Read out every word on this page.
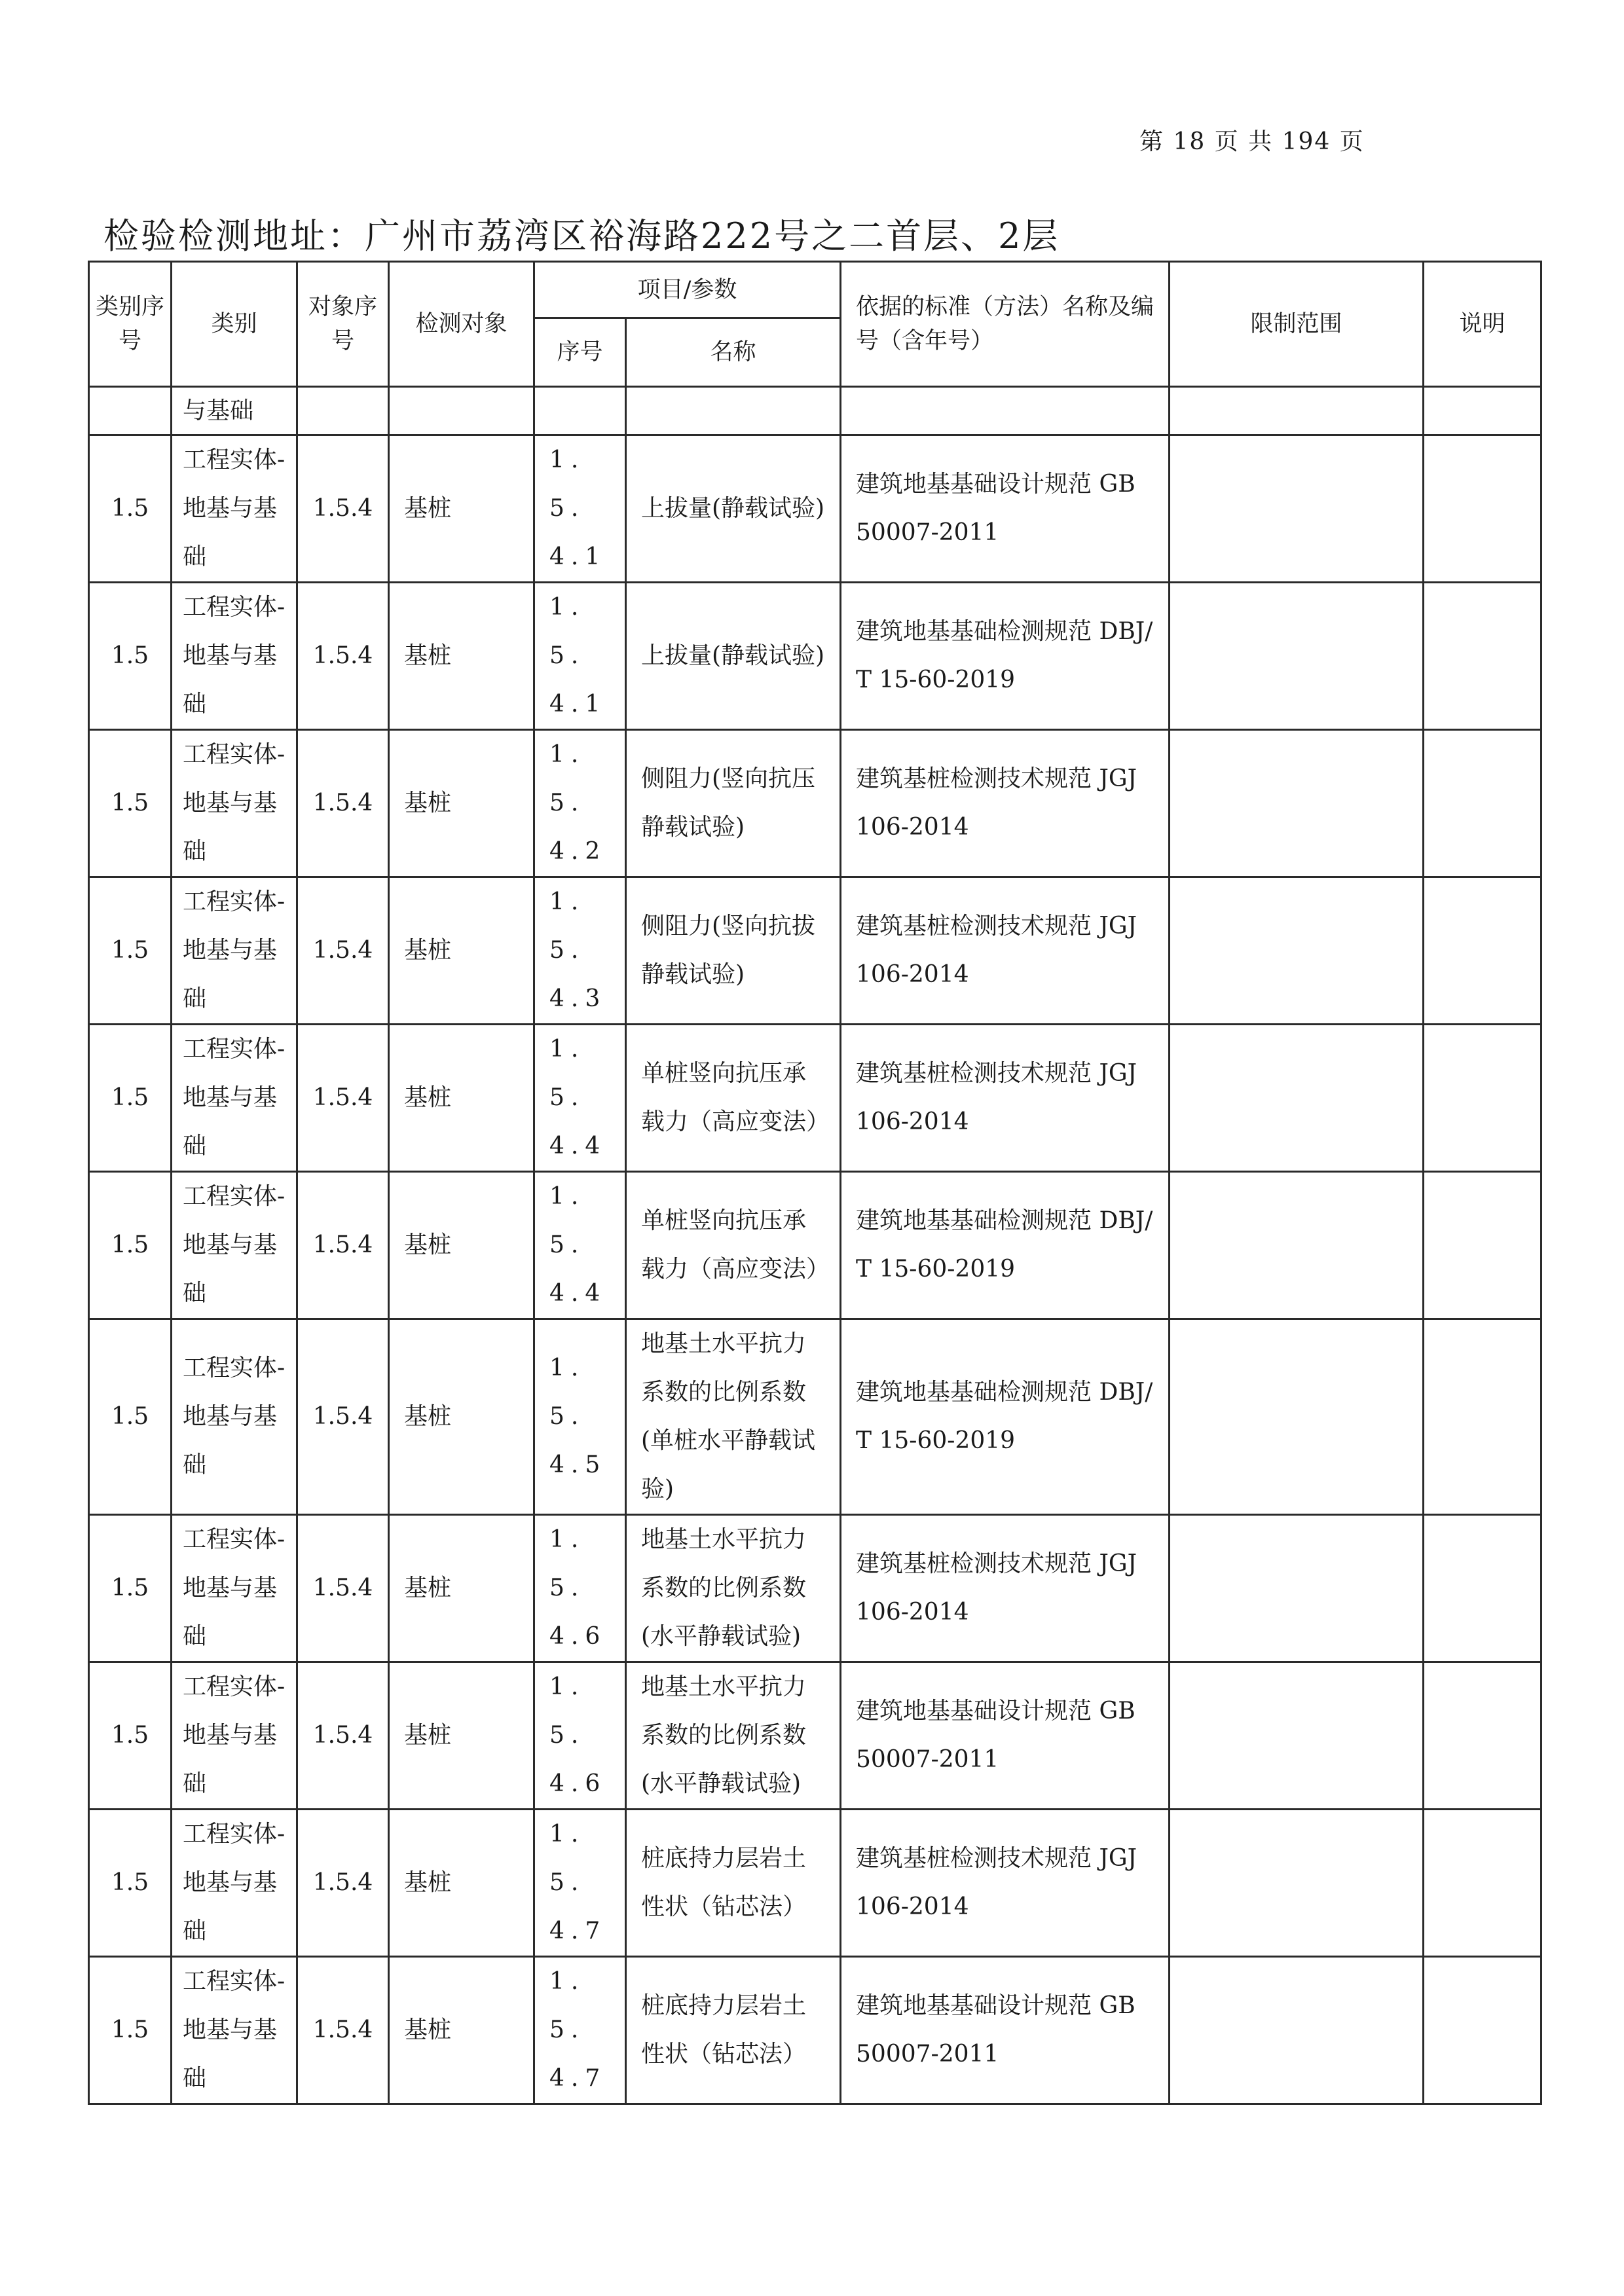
第 18 页 共 194 页
检验检测地址：广州市荔湾区裕海路222号之二首层、2层
类别序号	类别	对象序号	检测对象	项目/参数		依据的标准（方法）名称及编号（含年号）	限制范围	说明
				序号	名称			
	与基础							
1.5	工程实体-地基与基础	1.5.4	基桩	1.5.4.1	上拔量(静载试验)	建筑地基基础设计规范 GB 50007-2011		
1.5	工程实体-地基与基础	1.5.4	基桩	1.5.4.1	上拔量(静载试验)	建筑地基基础检测规范 DBJ/T 15-60-2019		
1.5	工程实体-地基与基础	1.5.4	基桩	1.5.4.2	侧阻力(竖向抗压静载试验)	建筑基桩检测技术规范 JGJ 106-2014		
1.5	工程实体-地基与基础	1.5.4	基桩	1.5.4.3	侧阻力(竖向抗拔静载试验)	建筑基桩检测技术规范 JGJ 106-2014		
1.5	工程实体-地基与基础	1.5.4	基桩	1.5.4.4	单桩竖向抗压承载力（高应变法）	建筑基桩检测技术规范 JGJ 106-2014		
1.5	工程实体-地基与基础	1.5.4	基桩	1.5.4.4	单桩竖向抗压承载力（高应变法）	建筑地基基础检测规范 DBJ/T 15-60-2019		
1.5	工程实体-地基与基础	1.5.4	基桩	1.5.4.5	地基土水平抗力系数的比例系数(单桩水平静载试验)	建筑地基基础检测规范 DBJ/T 15-60-2019		
1.5	工程实体-地基与基础	1.5.4	基桩	1.5.4.6	地基土水平抗力系数的比例系数(水平静载试验)	建筑基桩检测技术规范 JGJ 106-2014		
1.5	工程实体-地基与基础	1.5.4	基桩	1.5.4.6	地基土水平抗力系数的比例系数(水平静载试验)	建筑地基基础设计规范 GB 50007-2011		
1.5	工程实体-地基与基础	1.5.4	基桩	1.5.4.7	桩底持力层岩土性状（钻芯法）	建筑基桩检测技术规范 JGJ 106-2014		
1.5	工程实体-地基与基础	1.5.4	基桩	1.5.4.7	桩底持力层岩土性状（钻芯法）	建筑地基基础设计规范 GB 50007-2011		
